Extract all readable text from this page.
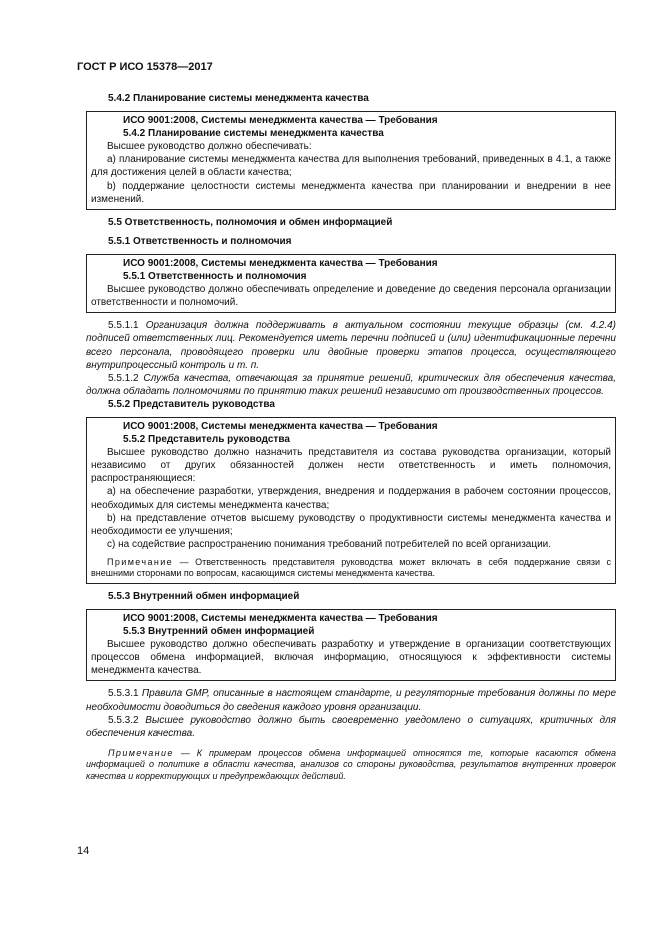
ГОСТ Р ИСО 15378—2017

5.4.2 Планирование системы менеджмента качества

ИСО 9001:2008, Системы менеджмента качества — Требования

5.4.2 Планирование системы менеджмента качества

Высшее руководство должно обеспечивать:

а) планирование системы менеджмента качества для выполнения требований, приведенных в 4.1, а также для достижения целей в области качества;

b) поддержание целостности системы менеджмента качества при планировании и внедрении в нее изменений.

5.5 Ответственность, полномочия и обмен информацией

5.5.1 Ответственность и полномочия

ИСО 9001:2008, Системы менеджмента качества — Требования

5.5.1 Ответственность и полномочия

Высшее руководство должно обеспечивать определение и доведение до сведения персонала организации ответственности и полномочий.

5.5.1.1 Организация должна поддерживать в актуальном состоянии текущие образцы (см. 4.2.4) подписей ответственных лиц. Рекомендуется иметь перечни подписей и (или) идентификационные перечни всего персонала, проводящего проверки или двойные проверки этапов процесса, осуществляющего внутрипроцессный контроль и т. п.

5.5.1.2 Служба качества, отвечающая за принятие решений, критических для обеспечения качества, должна обладать полномочиями по принятию таких решений независимо от производственных процессов.

5.5.2 Представитель руководства

ИСО 9001:2008, Системы менеджмента качества — Требования

5.5.2 Представитель руководства

Высшее руководство должно назначить представителя из состава руководства организации, который независимо от других обязанностей должен нести ответственность и иметь полномочия, распространяющиеся:

а) на обеспечение разработки, утверждения, внедрения и поддержания в рабочем состоянии процессов, необходимых для системы менеджмента качества;

b) на представление отчетов высшему руководству о продуктивности системы менеджмента качества и необходимости ее улучшения;

c) на содействие распространению понимания требований потребителей по всей организации.

Примечание — Ответственность представителя руководства может включать в себя поддержание связи с внешними сторонами по вопросам, касающимся системы менеджмента качества.

5.5.3 Внутренний обмен информацией

ИСО 9001:2008, Системы менеджмента качества — Требования

5.5.3 Внутренний обмен информацией

Высшее руководство должно обеспечивать разработку и утверждение в организации соответствующих процессов обмена информацией, включая информацию, относящуюся к эффективности системы менеджмента качества.

5.5.3.1 Правила GMP, описанные в настоящем стандарте, и регуляторные требования должны по мере необходимости доводиться до сведения каждого уровня организации.

5.5.3.2 Высшее руководство должно быть своевременно уведомлено о ситуациях, критичных для обеспечения качества.

Примечание — К примерам процессов обмена информацией относятся те, которые касаются обмена информацией о политике в области качества, анализов со стороны руководства, результатов внутренних проверок качества и корректирующих и предупреждающих действий.

14
